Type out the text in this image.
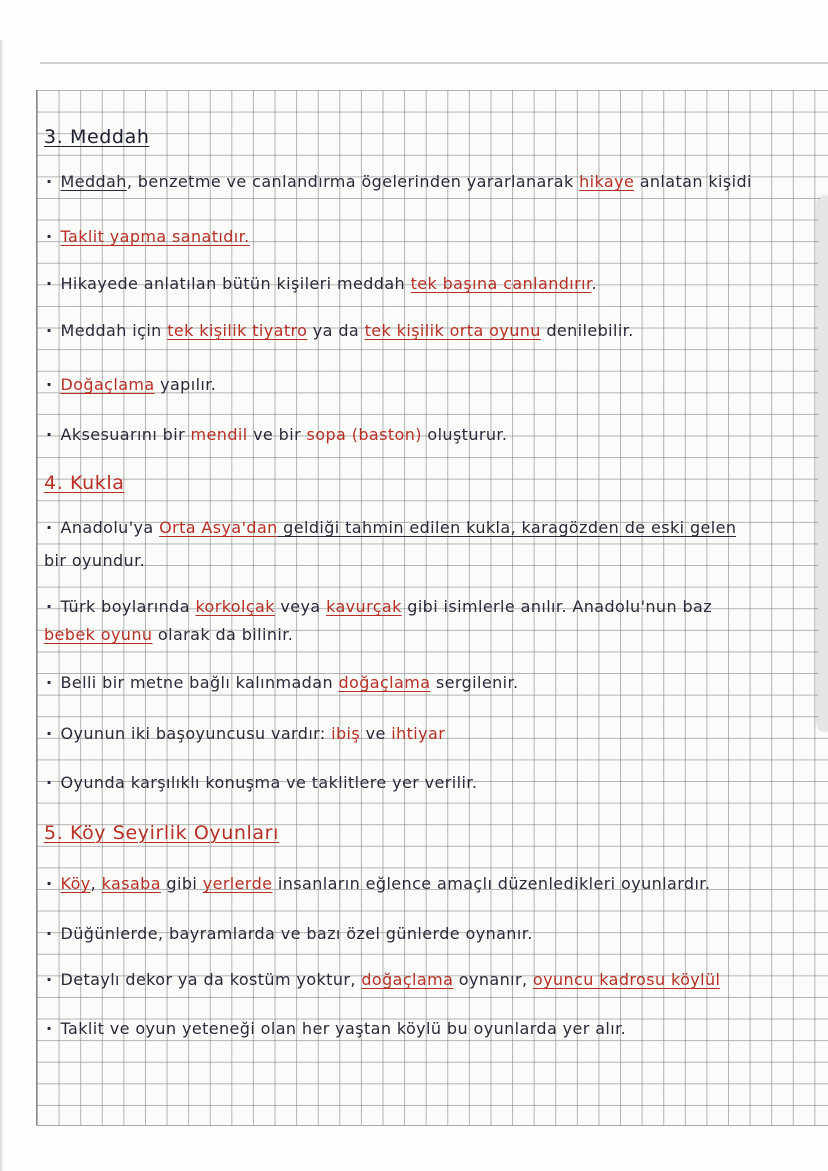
3. Meddah
· Meddah, benzetme ve canlandırma ögelerinden yararlanarak hikaye anlatan kişidi
· Taklit yapma sanatıdır.
· Hikayede anlatılan bütün kişileri meddah tek başına canlandırır.
· Meddah için tek kişilik tiyatro ya da tek kişilik orta oyunu denilebilir.
· Doğaçlama yapılır.
· Aksesuarını bir mendil ve bir sopa (baston) oluşturur.
4. Kukla
· Anadolu'ya Orta Asya'dan geldiği tahmin edilen kukla, karagözden de eski gelen
bir oyundur.
· Türk boylarında korkolçak veya kavurçak gibi isimlerle anılır. Anadolu'nun baz
bebek oyunu olarak da bilinir.
· Belli bir metne bağlı kalınmadan doğaçlama sergilenir.
· Oyunun iki başoyuncusu vardır: ibiş ve ihtiyar
· Oyunda karşılıklı konuşma ve taklitlere yer verilir.
5. Köy Seyirlik Oyunları
· Köy, kasaba gibi yerlerde insanların eğlence amaçlı düzenledikleri oyunlardır.
· Düğünlerde, bayramlarda ve bazı özel günlerde oynanır.
· Detaylı dekor ya da kostüm yoktur, doğaçlama oynanır, oyuncu kadrosu köylül
· Taklit ve oyun yeteneği olan her yaştan köylü bu oyunlarda yer alır.
